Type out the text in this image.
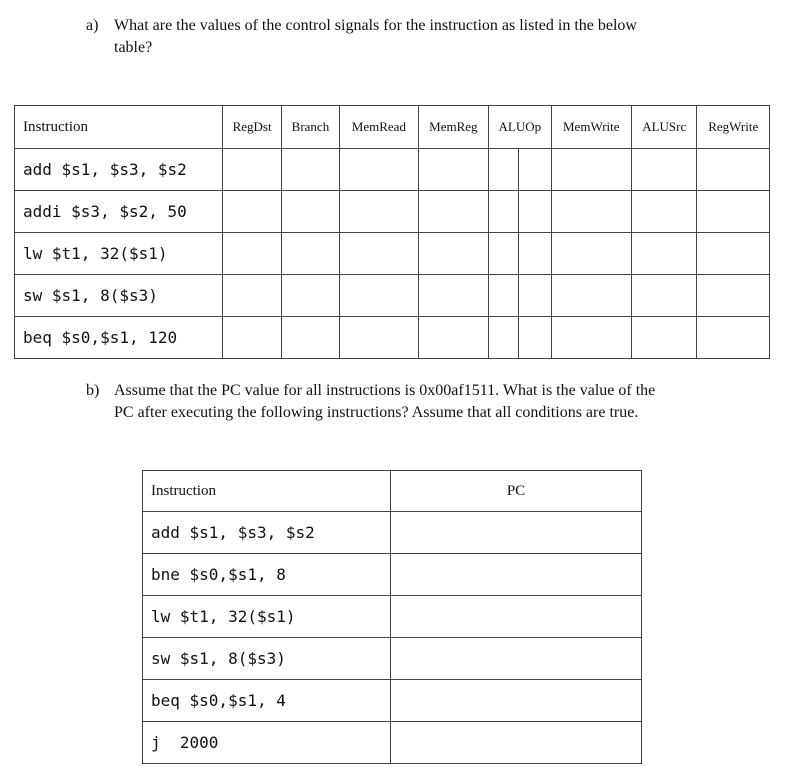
a) What are the values of the control signals for the instruction as listed in the below
table?
Instruction	RegDst	Branch	MemRead	MemReg	ALUOp		MemWrite	ALUSrc	RegWrite
add $s1, $s3, $s2									
addi $s3, $s2, 50									
lw $t1, 32($s1)									
sw $s1, 8($s3)									
beq $s0,$s1, 120									
b) Assume that the PC value for all instructions is 0x00af1511. What is the value of the
PC after executing the following instructions? Assume that all conditions are true.
Instruction	PC
add $s1, $s3, $s2	
bne $s0,$s1, 8	
lw $t1, 32($s1)	
sw $s1, 8($s3)	
beq $s0,$s1, 4	
j  2000	
